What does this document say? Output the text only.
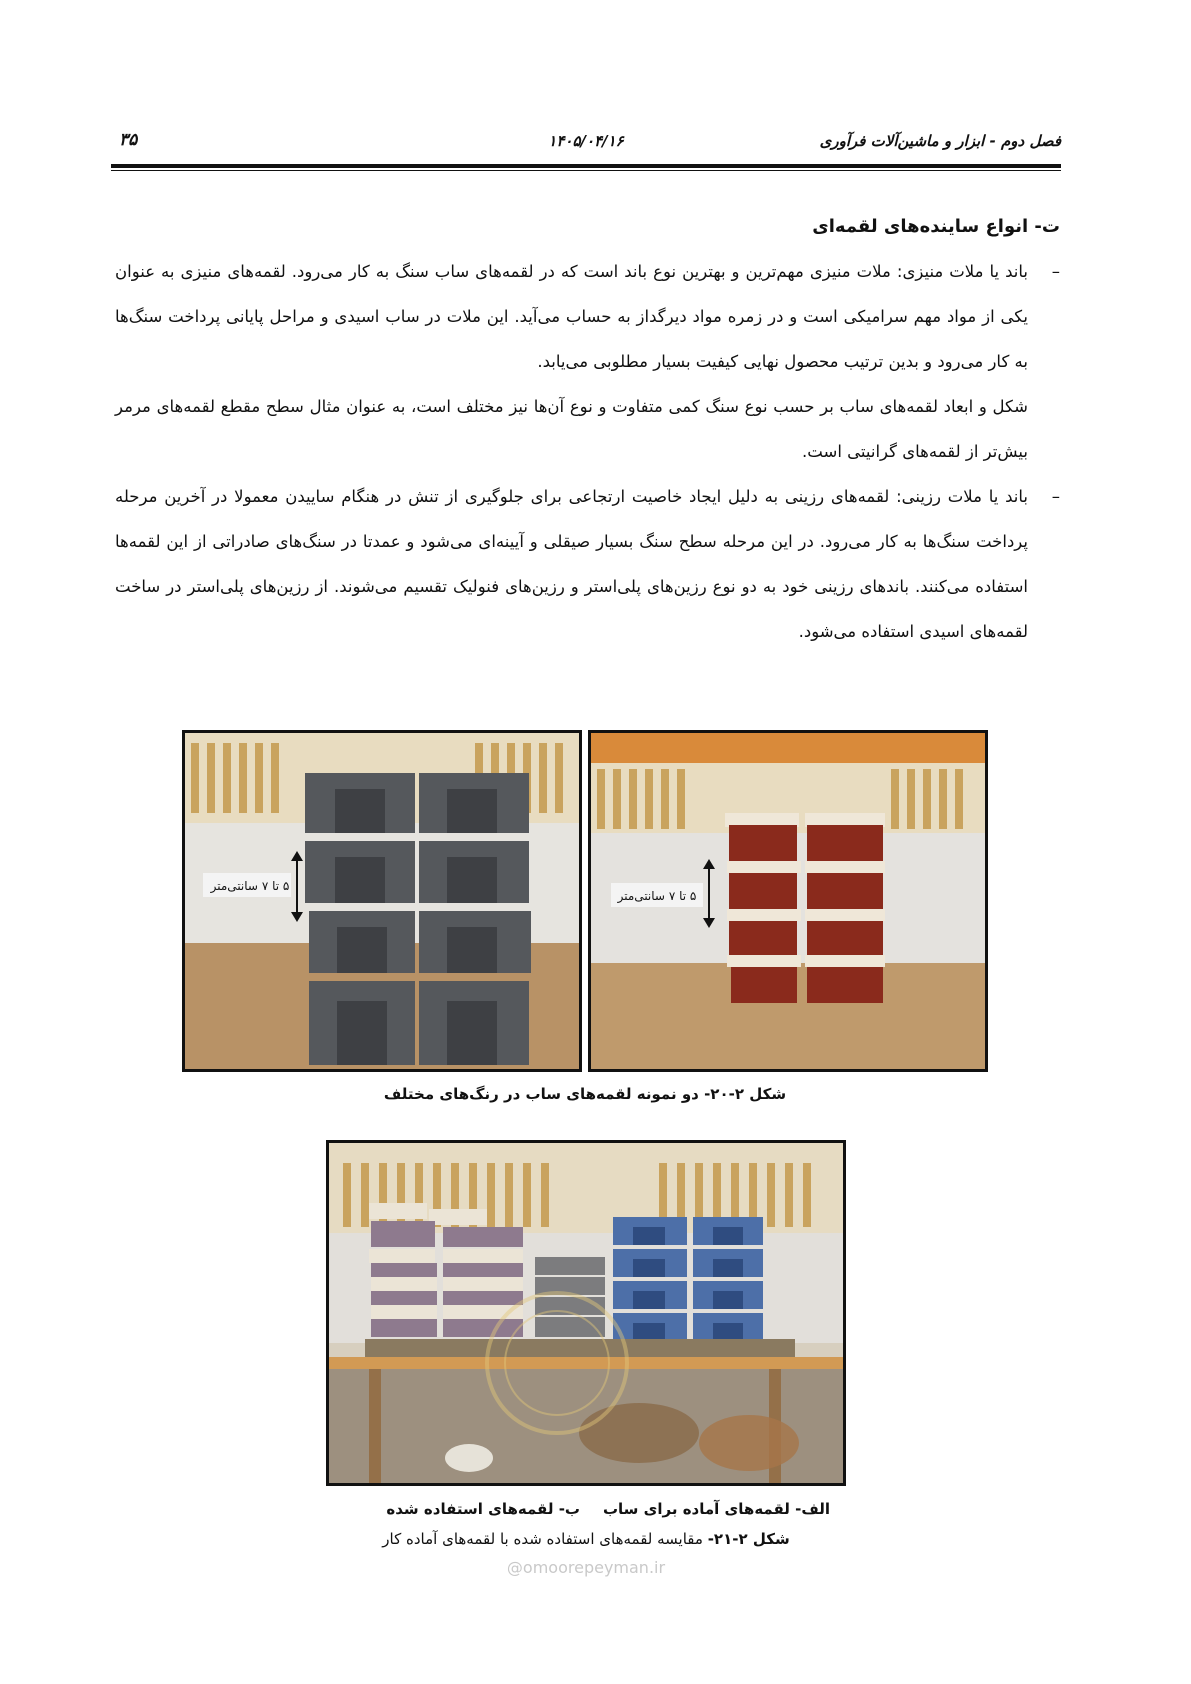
فصل دوم - ابزار و ماشین‌آلات فرآوری
۱۴۰۵/۰۴/۱۶
۳۵
ت- انواع ساینده‌های لقمه‌ای
–
باند یا ملات منیزی: ملات منیزی مهم‌ترین و بهترین نوع باند است که در لقمه‌های ساب سنگ به کار می‌رود. لقمه‌های منیزی به عنوان یکی از مواد مهم سرامیکی است و در زمره مواد دیرگداز به حساب می‌آید. این ملات در ساب اسیدی و مراحل پایانی پرداخت سنگ‌ها به کار می‌رود و بدین ترتیب محصول نهایی کیفیت بسیار مطلوبی می‌یابد.
شکل و ابعاد لقمه‌های ساب بر حسب نوع سنگ کمی متفاوت و نوع آن‌ها نیز مختلف است، به عنوان مثال سطح مقطع لقمه‌های مرمر بیش‌تر از لقمه‌های گرانیتی است.
–
باند یا ملات رزینی: لقمه‌های رزینی به دلیل ایجاد خاصیت ارتجاعی برای جلوگیری از تنش در هنگام ساییدن معمولا در آخرین مرحله پرداخت سنگ‌ها به کار می‌رود. در این مرحله سطح سنگ بسیار صیقلی و آیینه‌ای می‌شود و عمدتا در سنگ‌های صادراتی از این لقمه‌ها استفاده می‌کنند. باندهای رزینی خود به دو نوع رزین‌های پلی‌استر و رزین‌های فنولیک تقسیم می‌شوند. از رزین‌های پلی‌استر در ساخت لقمه‌های اسیدی استفاده می‌شود.
۵ تا ۷ سانتی‌متر
۵ تا ۷ سانتی‌متر
شکل ۲-۲۰- دو نمونه لقمه‌های ساب در رنگ‌های مختلف
الف- لقمه‌های آماده برای ساب
ب- لقمه‌های استفاده شده
شکل ۲-۲۱- مقایسه لقمه‌های استفاده شده با لقمه‌های آماده کار
@omoorepeyman.ir
